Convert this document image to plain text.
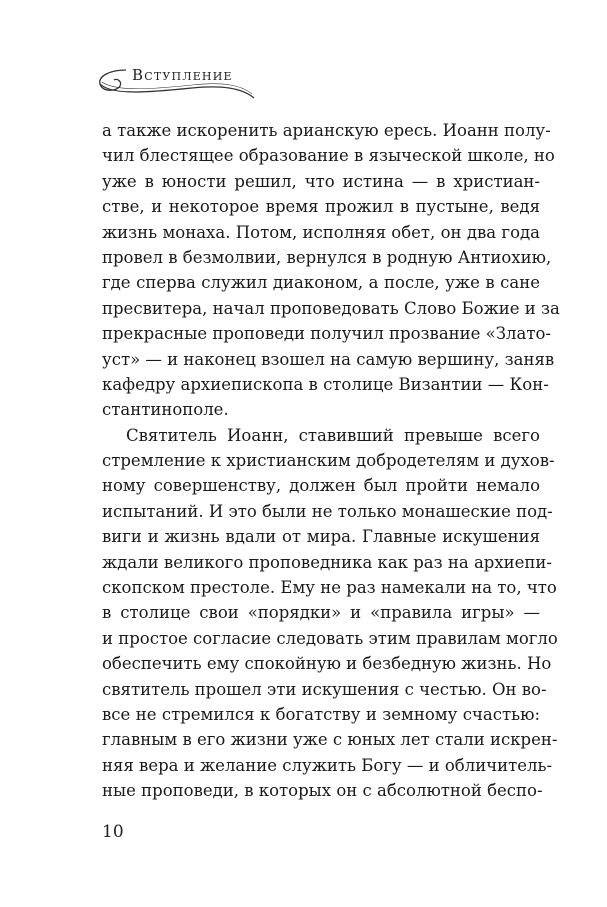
Вступление
а также искоренить арианскую ересь. Иоанн полу-
чил блестящее образование в языческой школе, но
уже в юности решил, что истина — в христиан-
стве, и некоторое время прожил в пустыне, ведя
жизнь монаха. Потом, исполняя обет, он два года
провел в безмолвии, вернулся в родную Антиохию,
где сперва служил диаконом, а после, уже в сане
пресвитера, начал проповедовать Слово Божие и за
прекрасные проповеди получил прозвание «Злато-
уст» — и наконец взошел на самую вершину, заняв
кафедру архиепископа в столице Византии — Кон-
стантинополе.
Святитель Иоанн, ставивший превыше всего
стремление к христианским добродетелям и духов-
ному совершенству, должен был пройти немало
испытаний. И это были не только монашеские под-
виги и жизнь вдали от мира. Главные искушения
ждали великого проповедника как раз на архиепи-
скопском престоле. Ему не раз намекали на то, что
в столице свои «порядки» и «правила игры» —
и простое согласие следовать этим правилам могло
обеспечить ему спокойную и безбедную жизнь. Но
святитель прошел эти искушения с честью. Он во-
все не стремился к богатству и земному счастью:
главным в его жизни уже с юных лет стали искрен-
няя вера и желание служить Богу — и обличитель-
ные проповеди, в которых он с абсолютной беспо-
10
